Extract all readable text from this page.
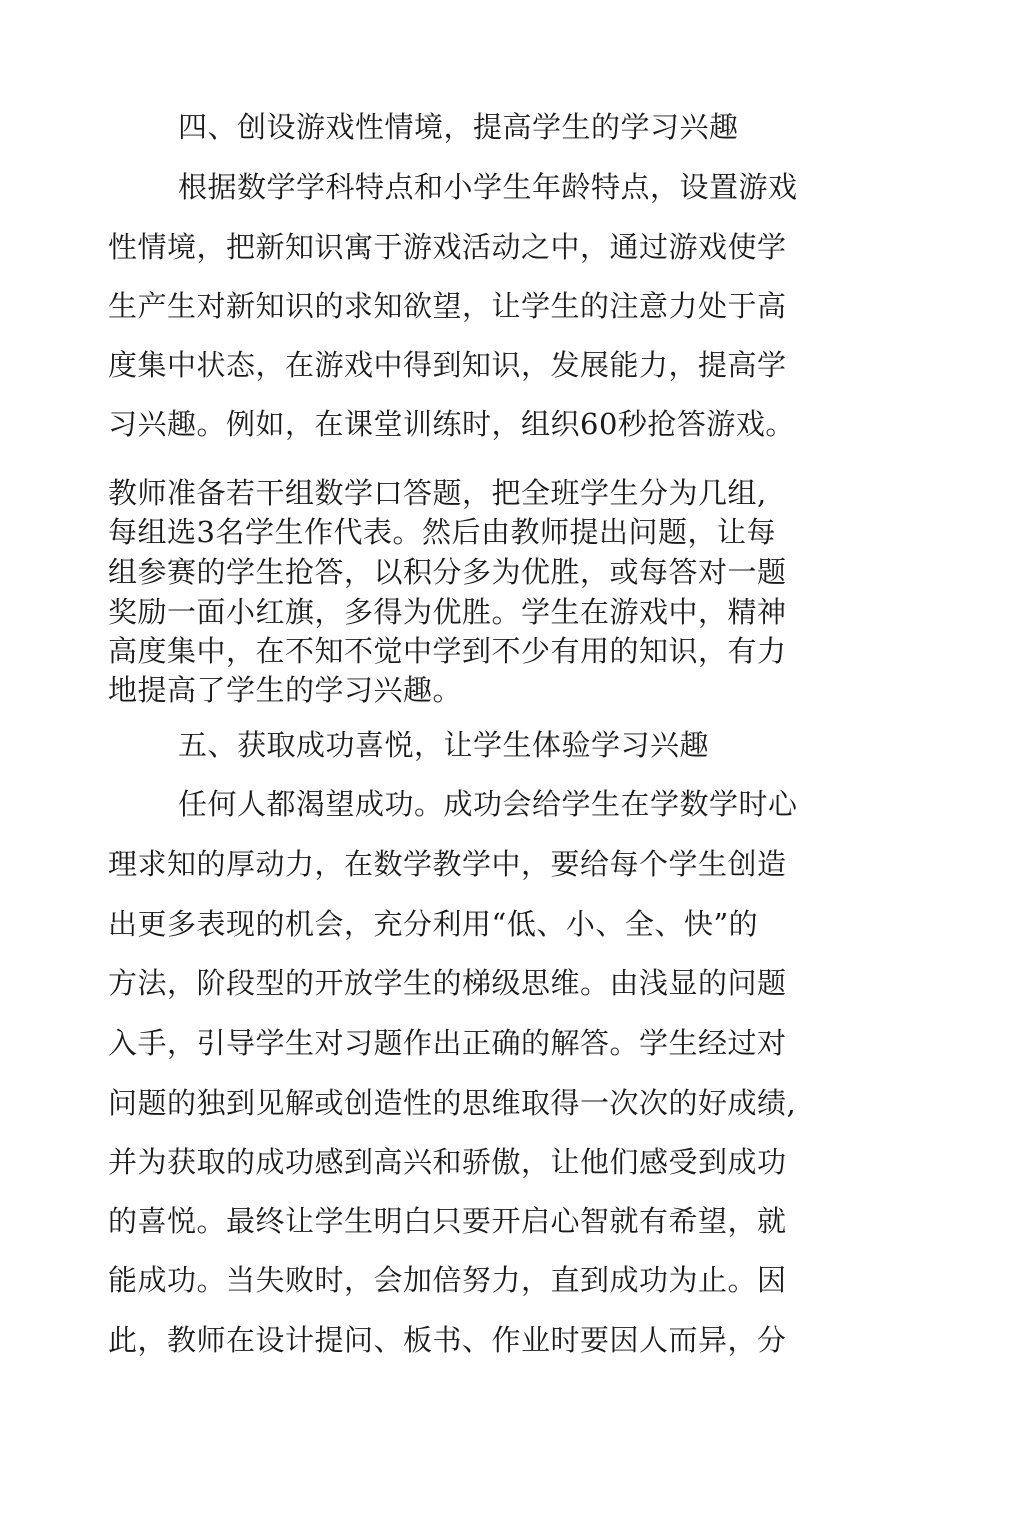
四、创设游戏性情境，提高学生的学习兴趣
根据数学学科特点和小学生年龄特点，设置游戏
性情境，把新知识寓于游戏活动之中，通过游戏使学
生产生对新知识的求知欲望，让学生的注意力处于高
度集中状态，在游戏中得到知识，发展能力，提高学
习兴趣。例如，在课堂训练时，组织60秒抢答游戏。
教师准备若干组数学口答题，把全班学生分为几组,
每组选3名学生作代表。然后由教师提出问题，让每
组参赛的学生抢答，以积分多为优胜，或每答对一题
奖励一面小红旗，多得为优胜。学生在游戏中，精神
高度集中，在不知不觉中学到不少有用的知识，有力
地提高了学生的学习兴趣。
五、获取成功喜悦，让学生体验学习兴趣
任何人都渴望成功。成功会给学生在学数学时心
理求知的厚动力，在数学教学中，要给每个学生创造
出更多表现的机会，充分利用“低、小、全、快”的
方法，阶段型的开放学生的梯级思维。由浅显的问题
入手，引导学生对习题作出正确的解答。学生经过对
问题的独到见解或创造性的思维取得一次次的好成绩,
并为获取的成功感到高兴和骄傲，让他们感受到成功
的喜悦。最终让学生明白只要开启心智就有希望，就
能成功。当失败时，会加倍努力，直到成功为止。因
此，教师在设计提问、板书、作业时要因人而异，分
